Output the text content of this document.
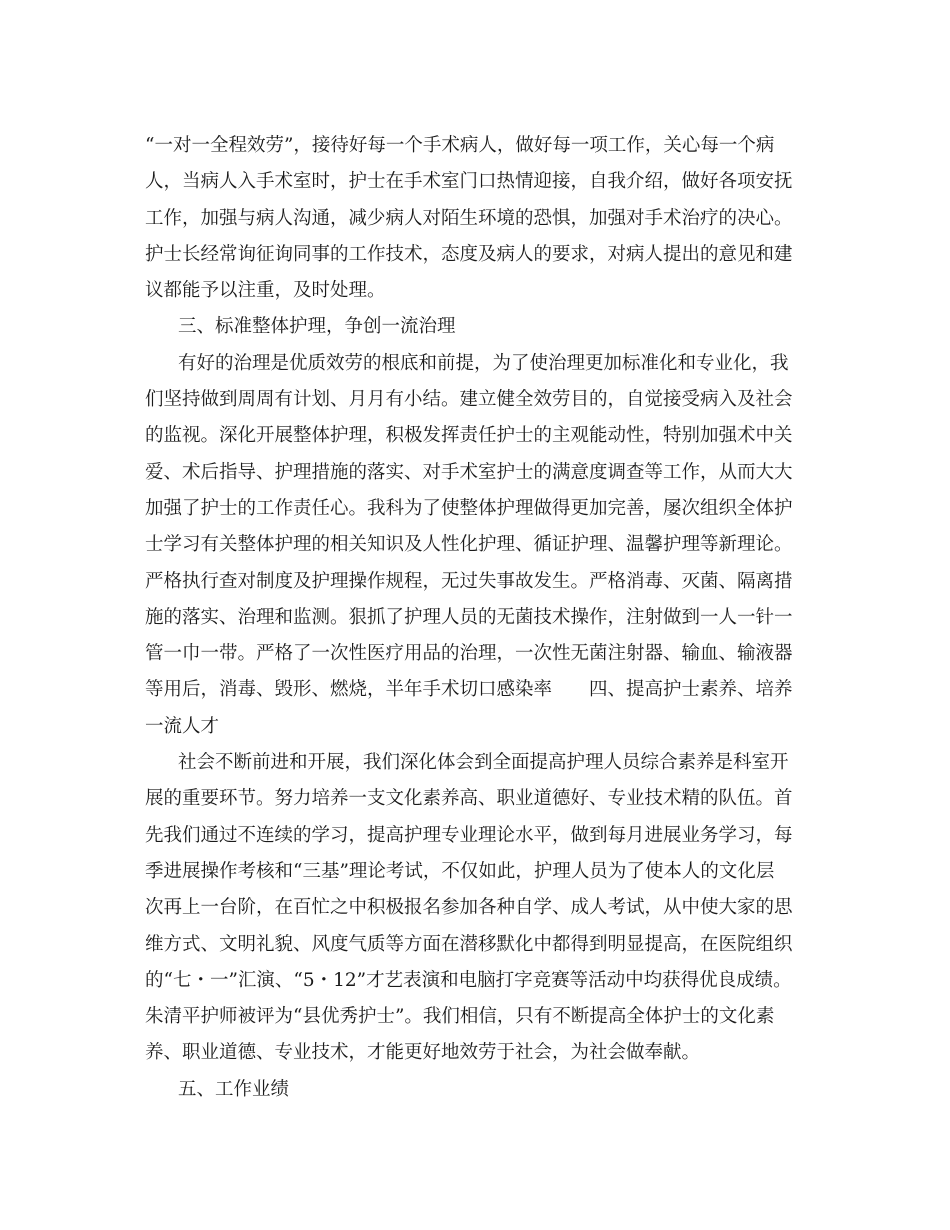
“一对一全程效劳”，接待好每一个手术病人，做好每一项工作，关心每一个病
人，当病人入手术室时，护士在手术室门口热情迎接，自我介绍，做好各项安抚
工作，加强与病人沟通，减少病人对陌生环境的恐惧，加强对手术治疗的决心。
护士长经常询征询同事的工作技术，态度及病人的要求，对病人提出的意见和建
议都能予以注重，及时处理。
三、标准整体护理，争创一流治理
有好的治理是优质效劳的根底和前提，为了使治理更加标准化和专业化，我
们坚持做到周周有计划、月月有小结。建立健全效劳目的，自觉接受病入及社会
的监视。深化开展整体护理，积极发挥责任护士的主观能动性，特别加强术中关
爱、术后指导、护理措施的落实、对手术室护士的满意度调查等工作，从而大大
加强了护士的工作责任心。我科为了使整体护理做得更加完善，屡次组织全体护
士学习有关整体护理的相关知识及人性化护理、循证护理、温馨护理等新理论。
严格执行查对制度及护理操作规程，无过失事故发生。严格消毒、灭菌、隔离措
施的落实、治理和监测。狠抓了护理人员的无菌技术操作，注射做到一人一针一
管一巾一带。严格了一次性医疗用品的治理，一次性无菌注射器、输血、输液器
等用后，消毒、毁形、燃烧，半年手术切口感染率　　四、提高护士素养、培养
一流人才
社会不断前进和开展，我们深化体会到全面提高护理人员综合素养是科室开
展的重要环节。努力培养一支文化素养高、职业道德好、专业技术精的队伍。首
先我们通过不连续的学习，提高护理专业理论水平，做到每月进展业务学习，每
季进展操作考核和“三基”理论考试，不仅如此，护理人员为了使本人的文化层
次再上一台阶，在百忙之中积极报名参加各种自学、成人考试，从中使大家的思
维方式、文明礼貌、风度气质等方面在潜移默化中都得到明显提高，在医院组织
的“七・一”汇演、“5・12”才艺表演和电脑打字竞赛等活动中均获得优良成绩。
朱清平护师被评为“县优秀护士”。我们相信，只有不断提高全体护士的文化素
养、职业道德、专业技术，才能更好地效劳于社会，为社会做奉献。
五、工作业绩
